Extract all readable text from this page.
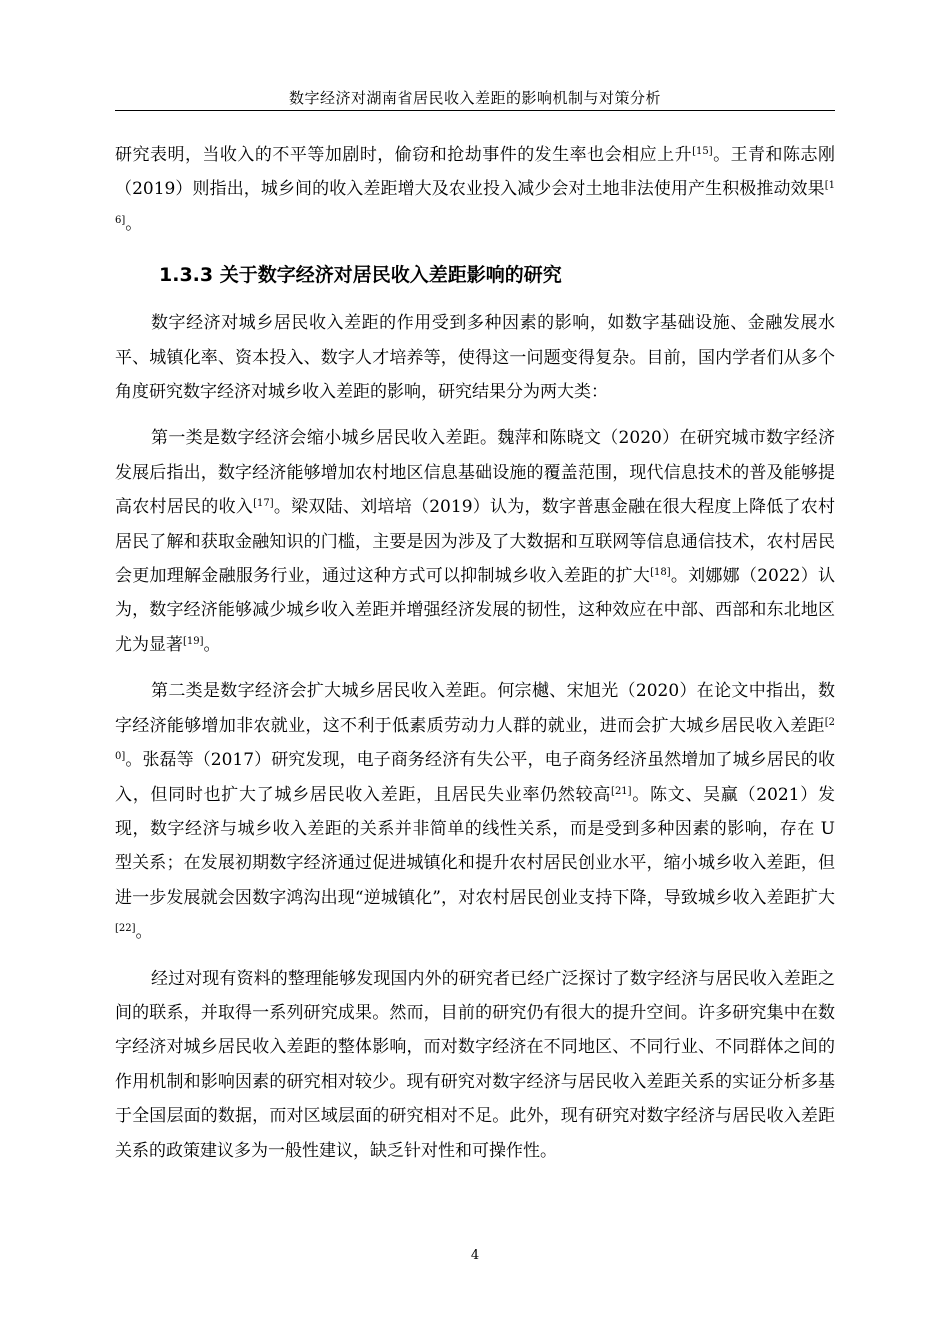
数字经济对湖南省居民收入差距的影响机制与对策分析

研究表明，当收入的不平等加剧时，偷窃和抢劫事件的发生率也会相应上升[15]。王青和陈志刚（2019）则指出，城乡间的收入差距增大及农业投入减少会对土地非法使用产生积极推动效果[16]。

1.3.3 关于数字经济对居民收入差距影响的研究

数字经济对城乡居民收入差距的作用受到多种因素的影响，如数字基础设施、金融发展水平、城镇化率、资本投入、数字人才培养等，使得这一问题变得复杂。目前，国内学者们从多个角度研究数字经济对城乡收入差距的影响，研究结果分为两大类：

第一类是数字经济会缩小城乡居民收入差距。魏萍和陈晓文（2020）在研究城市数字经济发展后指出，数字经济能够增加农村地区信息基础设施的覆盖范围，现代信息技术的普及能够提高农村居民的收入[17]。梁双陆、刘培培（2019）认为，数字普惠金融在很大程度上降低了农村居民了解和获取金融知识的门槛，主要是因为涉及了大数据和互联网等信息通信技术，农村居民会更加理解金融服务行业，通过这种方式可以抑制城乡收入差距的扩大[18]。刘娜娜（2022）认为，数字经济能够减少城乡收入差距并增强经济发展的韧性，这种效应在中部、西部和东北地区尤为显著[19]。

第二类是数字经济会扩大城乡居民收入差距。何宗樾、宋旭光（2020）在论文中指出，数字经济能够增加非农就业，这不利于低素质劳动力人群的就业，进而会扩大城乡居民收入差距[20]。张磊等（2017）研究发现，电子商务经济有失公平，电子商务经济虽然增加了城乡居民的收入，但同时也扩大了城乡居民收入差距，且居民失业率仍然较高[21]。陈文、吴赢（2021）发现，数字经济与城乡收入差距的关系并非简单的线性关系，而是受到多种因素的影响，存在 U 型关系；在发展初期数字经济通过促进城镇化和提升农村居民创业水平，缩小城乡收入差距，但进一步发展就会因数字鸿沟出现“逆城镇化”，对农村居民创业支持下降，导致城乡收入差距扩大[22]。

经过对现有资料的整理能够发现国内外的研究者已经广泛探讨了数字经济与居民收入差距之间的联系，并取得一系列研究成果。然而，目前的研究仍有很大的提升空间。许多研究集中在数字经济对城乡居民收入差距的整体影响，而对数字经济在不同地区、不同行业、不同群体之间的作用机制和影响因素的研究相对较少。现有研究对数字经济与居民收入差距关系的实证分析多基于全国层面的数据，而对区域层面的研究相对不足。此外，现有研究对数字经济与居民收入差距关系的政策建议多为一般性建议，缺乏针对性和可操作性。

4
